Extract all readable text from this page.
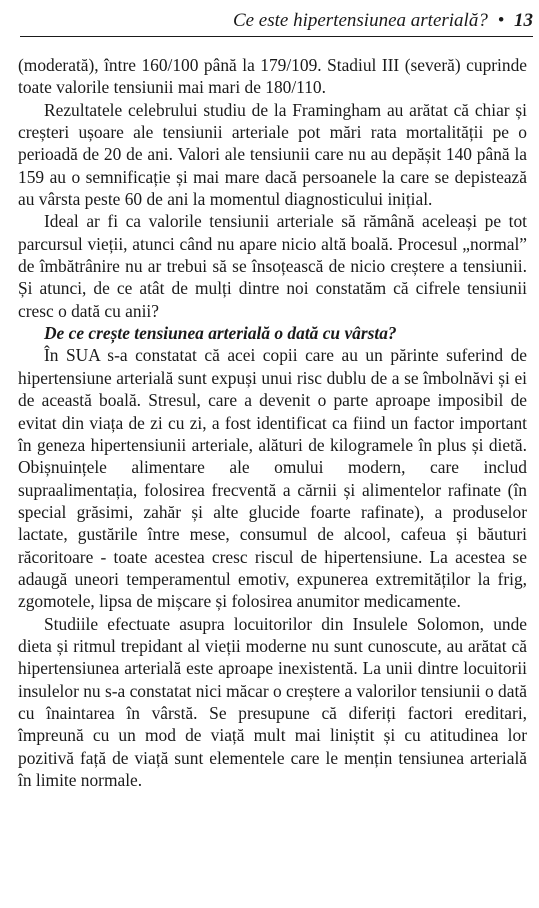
Ce este hipertensiunea arterială? • 13

(moderată), între 160/100 până la 179/109. Stadiul III (severă) cuprinde toate valorile tensiunii mai mari de 180/110.

Rezultatele celebrului studiu de la Framingham au arătat că chiar și creșteri ușoare ale tensiunii arteriale pot mări rata mortalității pe o perioadă de 20 de ani. Valori ale tensiunii care nu au depășit 140 până la 159 au o semnificație și mai mare dacă persoanele la care se depistează au vârsta peste 60 de ani la momentul diagnosticului inițial.

Ideal ar fi ca valorile tensiunii arteriale să rămână aceleași pe tot parcursul vieții, atunci când nu apare nicio altă boală. Procesul „normal” de îmbătrânire nu ar trebui să se însoțească de nicio creștere a tensiunii. Și atunci, de ce atât de mulți dintre noi constatăm că cifrele tensiunii cresc o dată cu anii?

De ce crește tensiunea arterială o dată cu vârsta?

În SUA s-a constatat că acei copii care au un părinte suferind de hipertensiune arterială sunt expuși unui risc dublu de a se îmbolnăvi și ei de această boală. Stresul, care a devenit o parte aproape imposibil de evitat din viața de zi cu zi, a fost identificat ca fiind un factor important în geneza hipertensiunii arteriale, alături de kilogramele în plus și dietă. Obișnuințele alimentare ale omului modern, care includ supraalimentația, folosirea frecventă a cărnii și alimentelor rafinate (în special grăsimi, zahăr și alte glucide foarte rafinate), a produselor lactate, gustările între mese, consumul de alcool, cafeua și băuturi răcoritoare - toate acestea cresc riscul de hipertensiune. La acestea se adaugă uneori temperamentul emotiv, expunerea extremităților la frig, zgomotele, lipsa de mișcare și folosirea anumitor medicamente.

Studiile efectuate asupra locuitorilor din Insulele Solomon, unde dieta și ritmul trepidant al vieții moderne nu sunt cunoscute, au arătat că hipertensiunea arterială este aproape inexistentă. La unii dintre locuitorii insulelor nu s-a constatat nici măcar o creștere a valorilor tensiunii o dată cu înaintarea în vârstă. Se presupune că diferiți factori ereditari, împreună cu un mod de viață mult mai liniștit și cu atitudinea lor pozitivă față de viață sunt elementele care le mențin tensiunea arterială în limite normale.
